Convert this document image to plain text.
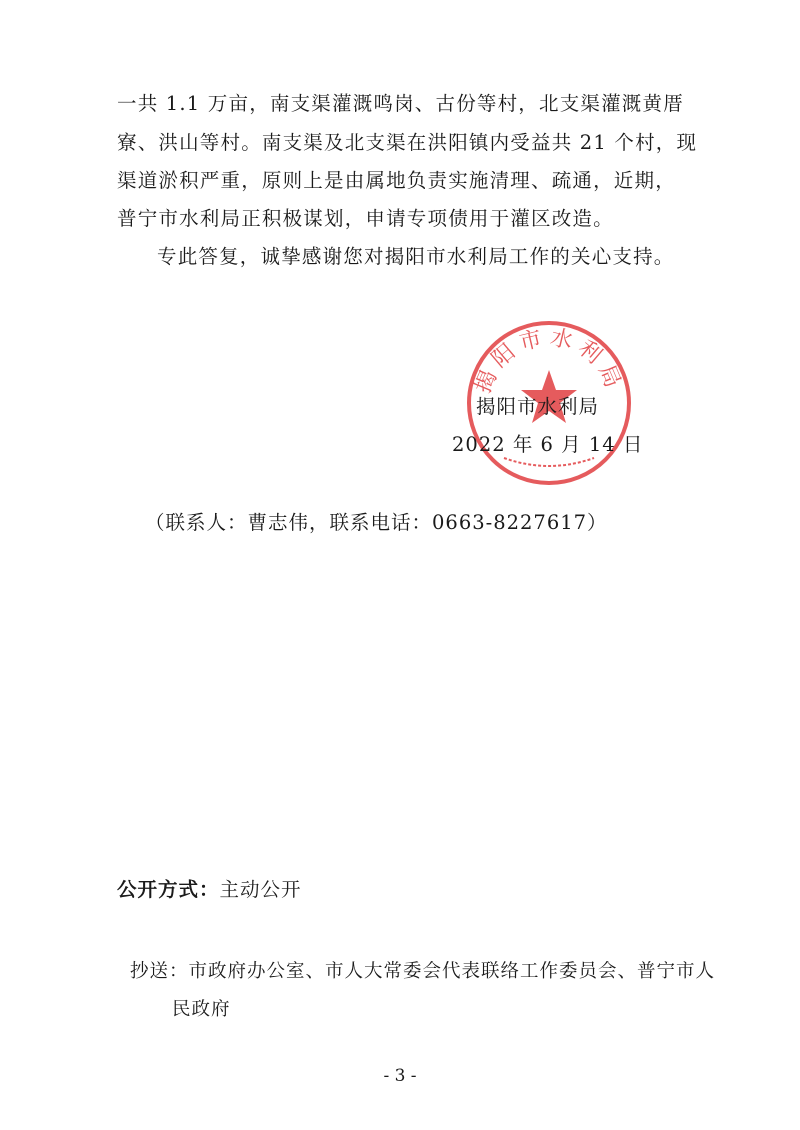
一共 1.1 万亩，南支渠灌溉鸣岗、古份等村，北支渠灌溉黄厝
寮、洪山等村。南支渠及北支渠在洪阳镇内受益共 21 个村，现
渠道淤积严重，原则上是由属地负责实施清理、疏通，近期，
普宁市水利局正积极谋划，申请专项债用于灌区改造。
专此答复，诚挚感谢您对揭阳市水利局工作的关心支持。
揭阳市水利局
揭阳市水利局
2022 年 6 月 14 日
（联系人：曹志伟，联系电话：0663-8227617）
公开方式：主动公开
抄送：市政府办公室、市人大常委会代表联络工作委员会、普宁市人
民政府
- 3 -
